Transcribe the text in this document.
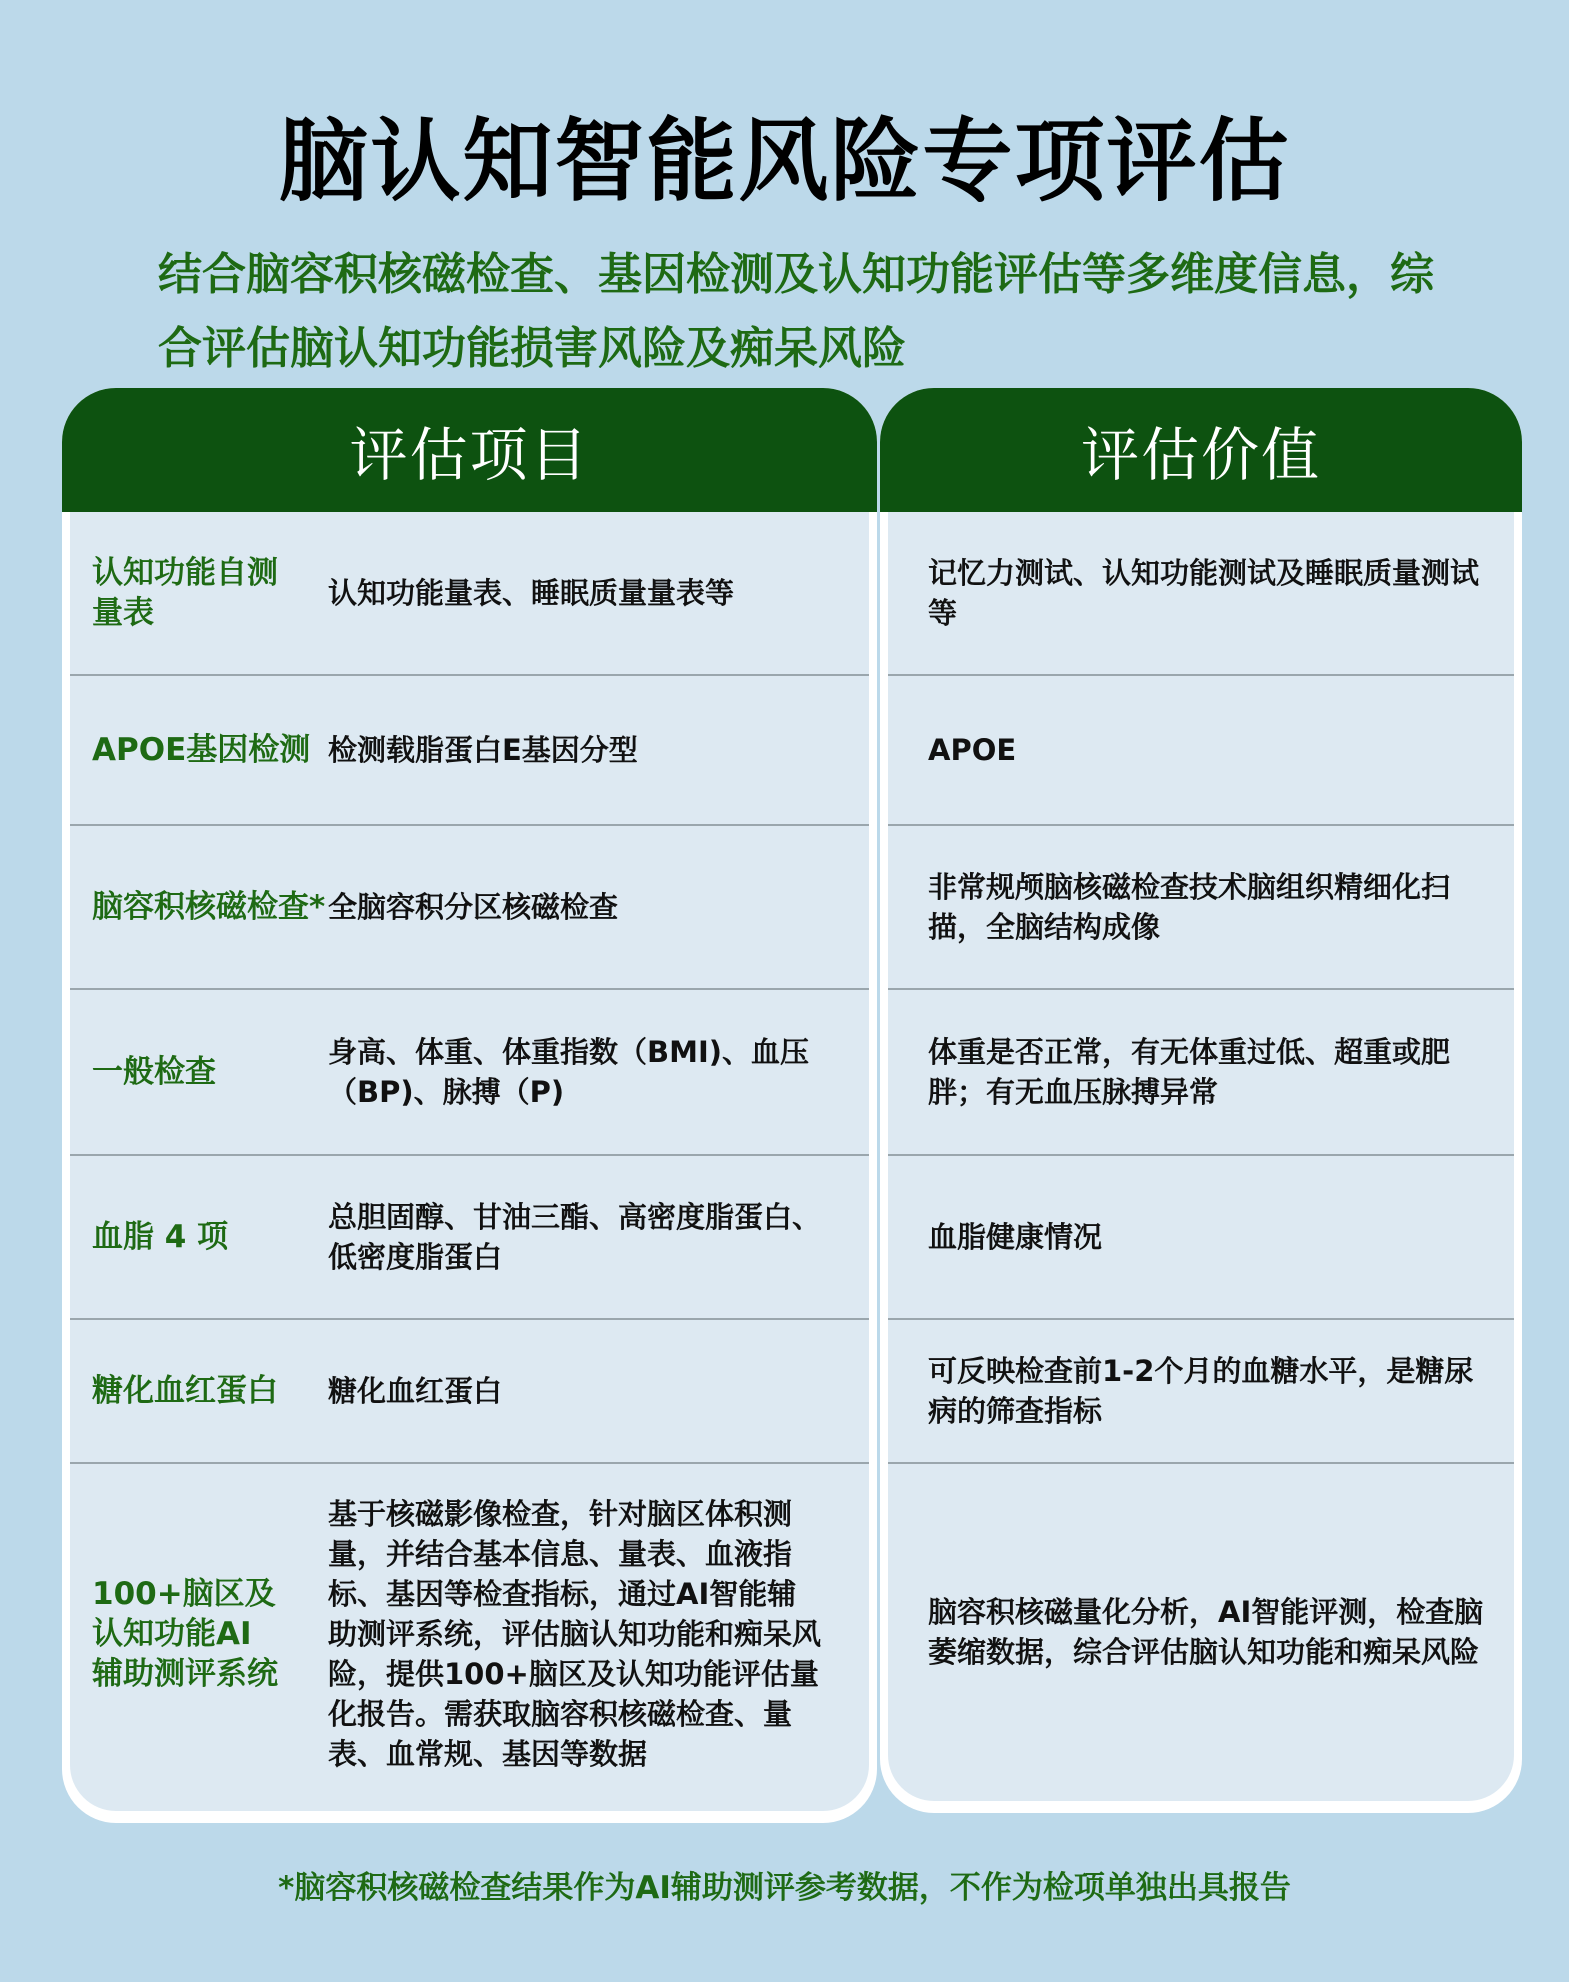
脑认知智能风险专项评估
结合脑容积核磁检查、基因检测及认知功能评估等多维度信息，综合评估脑认知功能损害风险及痴呆风险
评估项目
认知功能自测量表
认知功能量表、睡眠质量量表等
APOE基因检测 检测载脂蛋白E基因分型
脑容积核磁检查* 全脑容积分区核磁检查
一般检查
身高、体重、体重指数（BMI)、血压（BP)、脉搏（P)
血脂 4 项
总胆固醇、甘油三酯、高密度脂蛋白、低密度脂蛋白
糖化血红蛋白	糖化血红蛋白
100+脑区及认知功能AI辅助测评系统
基于核磁影像检查，针对脑区体积测量，并结合基本信息、量表、血液指标、基因等检查指标，通过AI智能辅助测评系统，评估脑认知功能和痴呆风险，提供100+脑区及认知功能评估量化报告。需获取脑容积核磁检查、量表、血常规、基因等数据
评估价值
记忆力测试、认知功能测试及睡眠质量测试等
APOE
非常规颅脑核磁检查技术脑组织精细化扫描，全脑结构成像
体重是否正常，有无体重过低、超重或肥胖；有无血压脉搏异常
血脂健康情况
可反映检查前1-2个月的血糖水平，是糖尿病的筛查指标
脑容积核磁量化分析，AI智能评测，检查脑萎缩数据，综合评估脑认知功能和痴呆风险
*脑容积核磁检查结果作为AI辅助测评参考数据，不作为检项单独出具报告
